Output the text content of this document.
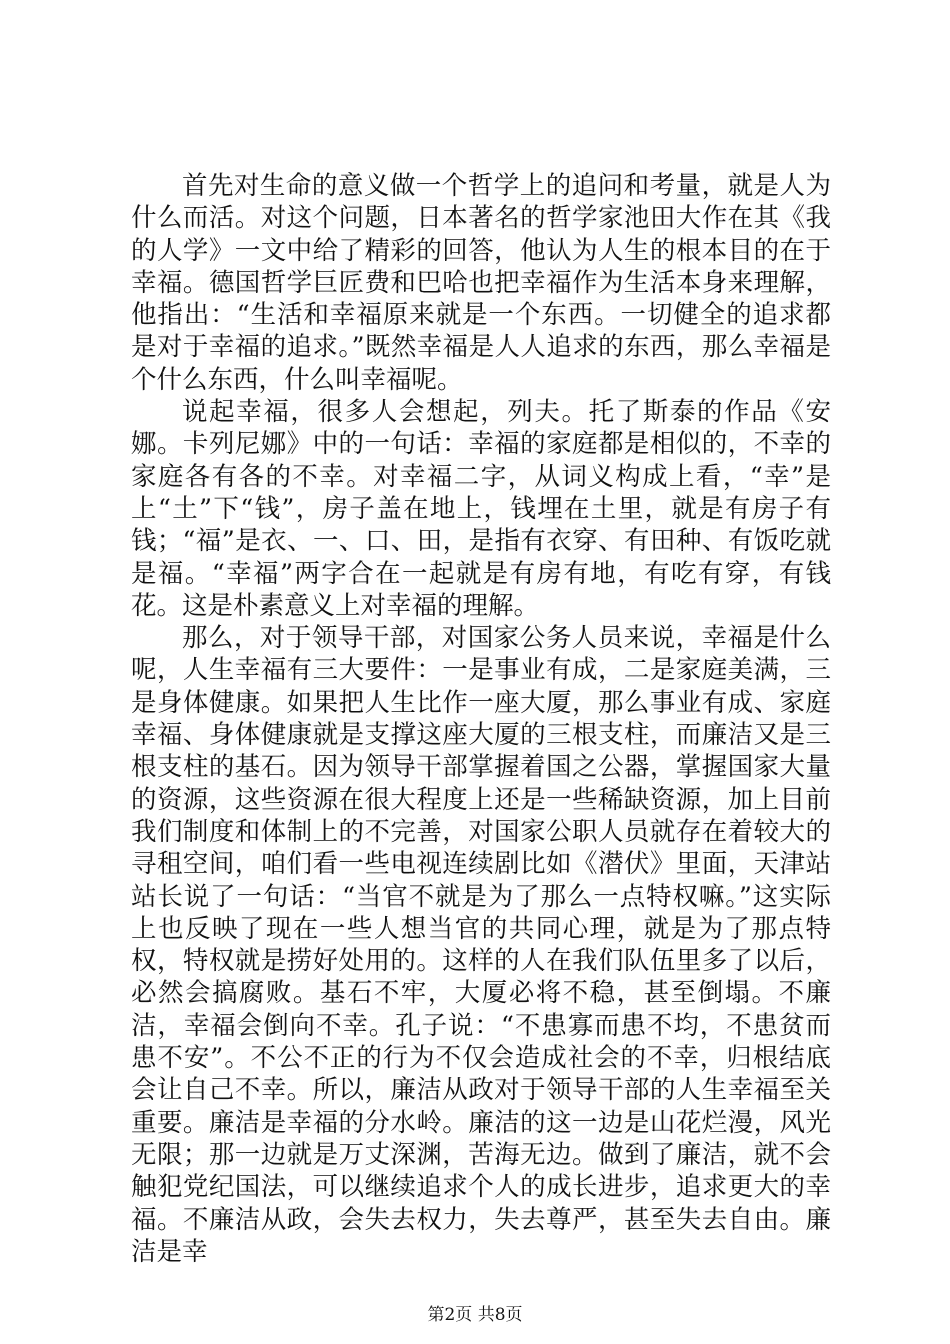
首先对生命的意义做一个哲学上的追问和考量，就是人为什么而活。对这个问题，日本著名的哲学家池田大作在其《我的人学》一文中给了精彩的回答，他认为人生的根本目的在于幸福。德国哲学巨匠费和巴哈也把幸福作为生活本身来理解，他指出：“生活和幸福原来就是一个东西。一切健全的追求都是对于幸福的追求。”既然幸福是人人追求的东西，那么幸福是个什么东西，什么叫幸福呢。

说起幸福，很多人会想起，列夫。托了斯泰的作品《安娜。卡列尼娜》中的一句话：幸福的家庭都是相似的，不幸的家庭各有各的不幸。对幸福二字，从词义构成上看，“幸”是上“土”下“钱”，房子盖在地上，钱埋在土里，就是有房子有钱；“福”是衣、一、口、田，是指有衣穿、有田种、有饭吃就是福。“幸福”两字合在一起就是有房有地，有吃有穿，有钱花。这是朴素意义上对幸福的理解。

那么，对于领导干部，对国家公务人员来说，幸福是什么呢，人生幸福有三大要件：一是事业有成，二是家庭美满，三是身体健康。如果把人生比作一座大厦，那么事业有成、家庭幸福、身体健康就是支撑这座大厦的三根支柱，而廉洁又是三根支柱的基石。因为领导干部掌握着国之公器，掌握国家大量的资源，这些资源在很大程度上还是一些稀缺资源，加上目前我们制度和体制上的不完善，对国家公职人员就存在着较大的寻租空间，咱们看一些电视连续剧比如《潜伏》里面，天津站站长说了一句话：“当官不就是为了那么一点特权嘛。”这实际上也反映了现在一些人想当官的共同心理，就是为了那点特权，特权就是捞好处用的。这样的人在我们队伍里多了以后，必然会搞腐败。基石不牢，大厦必将不稳，甚至倒塌。不廉洁，幸福会倒向不幸。孔子说：“不患寡而患不均，不患贫而患不安”。不公不正的行为不仅会造成社会的不幸，归根结底会让自己不幸。所以，廉洁从政对于领导干部的人生幸福至关重要。廉洁是幸福的分水岭。廉洁的这一边是山花烂漫，风光无限；那一边就是万丈深渊，苦海无边。做到了廉洁，就不会触犯党纪国法，可以继续追求个人的成长进步，追求更大的幸福。不廉洁从政，会失去权力，失去尊严，甚至失去自由。廉洁是幸

第2页 共8页
